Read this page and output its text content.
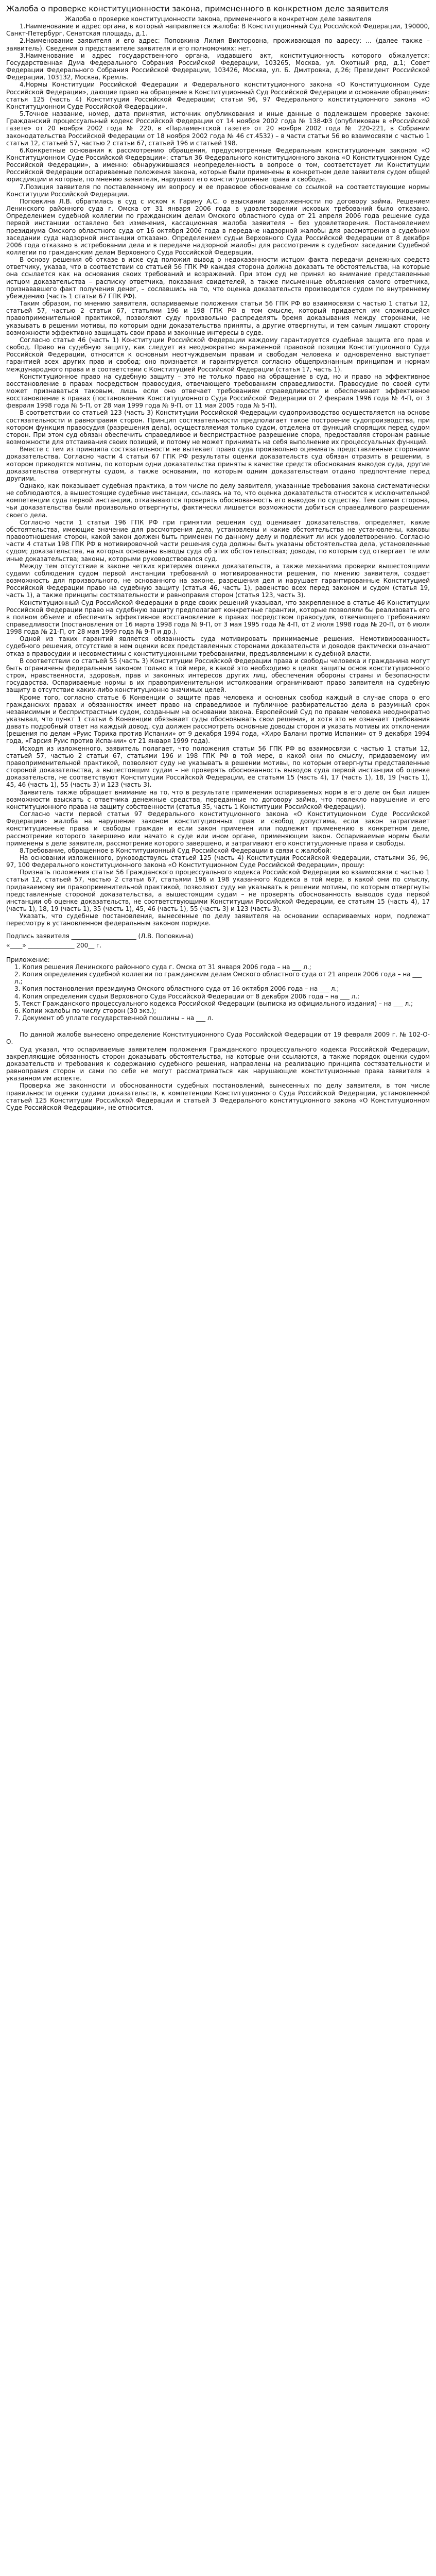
Жалоба о проверке конституционности закона, примененного в конкретном деле заявителя
Жалоба о проверке конституционности закона, примененного в конкретном деле заявителя
1.Наименование и адрес органа, в который направляется жалоба: В Конституционный Суд Российской Федерации, 190000, Санкт-Петербург, Сенатская площадь, д.1.
2.Наименование заявителя и его адрес: Поповкина Лилия Викторовна, проживающая по адресу: ... (далее также – заявитель). Сведения о представителе заявителя и его полномочиях: нет.
3.Наименование и адрес государственного органа, издавшего акт, конституционность которого обжалуется: Государственная Дума Федерального Собрания Российской Федерации, 103265, Москва, ул. Охотный ряд, д.1; Совет Федерации Федерального Собрания Российской Федерации, 103426, Москва, ул. Б. Дмитровка, д.26; Президент Российской Федерации, 103132, Москва, Кремль.
4.Нормы Конституции Российской Федерации и Федерального конституционного закона «О Конституционном Суде Российской Федерации», дающие право на обращение в Конституционный Суд Российской Федерации и основание обращения: статья 125 (часть 4) Конституции Российской Федерации; статьи 96, 97 Федерального конституционного закона «О Конституционном Суде Российской Федерации».
5.Точное название, номер, дата принятия, источник опубликования и иные данные о подлежащем проверке законе: Гражданский процессуальный кодекс Российской Федерации от 14 ноября 2002 года № 138-ФЗ (опубликован в «Российской газете» от 20 ноября 2002 года № 220, в «Парламентской газете» от 20 ноября 2002 года № 220-221, в Собрании законодательства Российской Федерации от 18 ноября 2002 года № 46 ст.4532) – в части статьи 56 во взаимосвязи с частью 1 статьи 12, статьей 57, частью 2 статьи 67, статьей 196 и статьей 198.
6.Конкретные основания к рассмотрению обращения, предусмотренные Федеральным конституционным законом «О Конституционном Суде Российской Федерации»: статья 36 Федерального конституционного закона «О Конституционном Суде Российской Федерации», а именно: обнаружившаяся неопределенность в вопросе о том, соответствует ли Конституции Российской Федерации оспариваемые положения закона, которые были применены в конкретном деле заявителя судом общей юрисдикции и которые, по мнению заявителя, нарушают его конституционные права и свободы.
7.Позиция заявителя по поставленному им вопросу и ее правовое обоснование со ссылкой на соответствующие нормы Конституции Российской Федерации.
Поповкина Л.В. обратилась в суд с иском к Гарину А.С. о взыскании задолженности по договору займа. Решением Ленинского районного суда г. Омска от 31 января 2006 года в удовлетворении исковых требований было отказано. Определением судебной коллегии по гражданским делам Омского областного суда от 21 апреля 2006 года решение суда первой инстанции оставлено без изменения, кассационная жалоба заявителя – без удовлетворения. Постановлением президиума Омского областного суда от 16 октября 2006 года в передаче надзорной жалобы для рассмотрения в судебном заседании суда надзорной инстанции отказано. Определением судьи Верховного Суда Российской Федерации от 8 декабря 2006 года отказано в истребовании дела и в передаче надзорной жалобы для рассмотрения в судебном заседании Судебной коллегии по гражданским делам Верховного Суда Российской Федерации.
В основу решения об отказе в иске суд положил вывод о недоказанности истцом факта передачи денежных средств ответчику, указав, что в соответствии со статьей 56 ГПК РФ каждая сторона должна доказать те обстоятельства, на которые она ссылается как на основания своих требований и возражений. При этом суд не принял во внимание представленные истцом доказательства – расписку ответчика, показания свидетелей, а также письменные объяснения самого ответчика, признававшего факт получения денег, – сославшись на то, что оценка доказательств производится судом по внутреннему убеждению (часть 1 статьи 67 ГПК РФ).
Таким образом, по мнению заявителя, оспариваемые положения статьи 56 ГПК РФ во взаимосвязи с частью 1 статьи 12, статьей 57, частью 2 статьи 67, статьями 196 и 198 ГПК РФ в том смысле, который придается им сложившейся правоприменительной практикой, позволяют суду произвольно распределять бремя доказывания между сторонами, не указывать в решении мотивы, по которым одни доказательства приняты, а другие отвергнуты, и тем самым лишают сторону возможности эффективно защищать свои права и законные интересы в суде.
Согласно статье 46 (часть 1) Конституции Российской Федерации каждому гарантируется судебная защита его прав и свобод. Право на судебную защиту, как следует из неоднократно выраженной правовой позиции Конституционного Суда Российской Федерации, относится к основным неотчуждаемым правам и свободам человека и одновременно выступает гарантией всех других прав и свобод; оно признается и гарантируется согласно общепризнанным принципам и нормам международного права и в соответствии с Конституцией Российской Федерации (статья 17, часть 1).
Конституционное право на судебную защиту – это не только право на обращение в суд, но и право на эффективное восстановление в правах посредством правосудия, отвечающего требованиям справедливости. Правосудие по своей сути может признаваться таковым, лишь если оно отвечает требованиям справедливости и обеспечивает эффективное восстановление в правах (постановления Конституционного Суда Российской Федерации от 2 февраля 1996 года № 4-П, от 3 февраля 1998 года № 5-П, от 28 мая 1999 года № 9-П, от 11 мая 2005 года № 5-П).
В соответствии со статьей 123 (часть 3) Конституции Российской Федерации судопроизводство осуществляется на основе состязательности и равноправия сторон. Принцип состязательности предполагает такое построение судопроизводства, при котором функция правосудия (разрешения дела), осуществляемая только судом, отделена от функций спорящих перед судом сторон. При этом суд обязан обеспечить справедливое и беспристрастное разрешение спора, предоставляя сторонам равные возможности для отстаивания своих позиций, и потому не может принимать на себя выполнение их процессуальных функций.
Вместе с тем из принципа состязательности не вытекает право суда произвольно оценивать представленные сторонами доказательства. Согласно части 4 статьи 67 ГПК РФ результаты оценки доказательств суд обязан отразить в решении, в котором приводятся мотивы, по которым одни доказательства приняты в качестве средств обоснования выводов суда, другие доказательства отвергнуты судом, а также основания, по которым одним доказательствам отдано предпочтение перед другими.
Однако, как показывает судебная практика, в том числе по делу заявителя, указанные требования закона систематически не соблюдаются, а вышестоящие судебные инстанции, ссылаясь на то, что оценка доказательств относится к исключительной компетенции суда первой инстанции, отказываются проверять обоснованность его выводов по существу. Тем самым сторона, чьи доказательства были произвольно отвергнуты, фактически лишается возможности добиться справедливого разрешения своего дела.
Согласно части 1 статьи 196 ГПК РФ при принятии решения суд оценивает доказательства, определяет, какие обстоятельства, имеющие значение для рассмотрения дела, установлены и какие обстоятельства не установлены, каковы правоотношения сторон, какой закон должен быть применен по данному делу и подлежит ли иск удовлетворению. Согласно части 4 статьи 198 ГПК РФ в мотивировочной части решения суда должны быть указаны обстоятельства дела, установленные судом; доказательства, на которых основаны выводы суда об этих обстоятельствах; доводы, по которым суд отвергает те или иные доказательства; законы, которыми руководствовался суд.
Между тем отсутствие в законе четких критериев оценки доказательств, а также механизма проверки вышестоящими судами соблюдения судом первой инстанции требований о мотивированности решения, по мнению заявителя, создает возможность для произвольного, не основанного на законе, разрешения дел и нарушает гарантированные Конституцией Российской Федерации право на судебную защиту (статья 46, часть 1), равенство всех перед законом и судом (статья 19, часть 1), а также принципы состязательности и равноправия сторон (статья 123, часть 3).
Конституционный Суд Российской Федерации в ряде своих решений указывал, что закрепленное в статье 46 Конституции Российской Федерации право на судебную защиту предполагает конкретные гарантии, которые позволяли бы реализовать его в полном объеме и обеспечить эффективное восстановление в правах посредством правосудия, отвечающего требованиям справедливости (постановления от 16 марта 1998 года № 9-П, от 3 мая 1995 года № 4-П, от 2 июля 1998 года № 20-П, от 6 июля 1998 года № 21-П, от 28 мая 1999 года № 9-П и др.).
Одной из таких гарантий является обязанность суда мотивировать принимаемые решения. Немотивированность судебного решения, отсутствие в нем оценки всех представленных сторонами доказательств и доводов фактически означают отказ в правосудии и несовместимы с конституционными требованиями, предъявляемыми к судебной власти.
В соответствии со статьей 55 (часть 3) Конституции Российской Федерации права и свободы человека и гражданина могут быть ограничены федеральным законом только в той мере, в какой это необходимо в целях защиты основ конституционного строя, нравственности, здоровья, прав и законных интересов других лиц, обеспечения обороны страны и безопасности государства. Оспариваемые нормы в их правоприменительном истолковании ограничивают право заявителя на судебную защиту в отсутствие каких-либо конституционно значимых целей.
Кроме того, согласно статье 6 Конвенции о защите прав человека и основных свобод каждый в случае спора о его гражданских правах и обязанностях имеет право на справедливое и публичное разбирательство дела в разумный срок независимым и беспристрастным судом, созданным на основании закона. Европейский Суд по правам человека неоднократно указывал, что пункт 1 статьи 6 Конвенции обязывает суды обосновывать свои решения, и хотя это не означает требования давать подробный ответ на каждый довод, суд должен рассмотреть основные доводы сторон и указать мотивы их отклонения (решения по делам «Руис Ториха против Испании» от 9 декабря 1994 года, «Хиро Балани против Испании» от 9 декабря 1994 года, «Гарсия Руис против Испании» от 21 января 1999 года).
Исходя из изложенного, заявитель полагает, что положения статьи 56 ГПК РФ во взаимосвязи с частью 1 статьи 12, статьей 57, частью 2 статьи 67, статьями 196 и 198 ГПК РФ в той мере, в какой они по смыслу, придаваемому им правоприменительной практикой, позволяют суду не указывать в решении мотивы, по которым отвергнуты представленные стороной доказательства, а вышестоящим судам – не проверять обоснованность выводов суда первой инстанции об оценке доказательств, не соответствуют Конституции Российской Федерации, ее статьям 15 (часть 4), 17 (часть 1), 18, 19 (часть 1), 45, 46 (часть 1), 55 (часть 3) и 123 (часть 3).
Заявитель также обращает внимание на то, что в результате применения оспариваемых норм в его деле он был лишен возможности взыскать с ответчика денежные средства, переданные по договору займа, что повлекло нарушение и его конституционного права на защиту собственности (статья 35, часть 1 Конституции Российской Федерации).
Согласно части первой статьи 97 Федерального конституционного закона «О Конституционном Суде Российской Федерации» жалоба на нарушение законом конституционных прав и свобод допустима, если закон затрагивает конституционные права и свободы граждан и если закон применен или подлежит применению в конкретном деле, рассмотрение которого завершено или начато в суде или ином органе, применяющем закон. Оспариваемые нормы были применены в деле заявителя, рассмотрение которого завершено, и затрагивают его конституционные права и свободы.
8.Требование, обращенное в Конституционный Суд Российской Федерации в связи с жалобой:
На основании изложенного, руководствуясь статьей 125 (часть 4) Конституции Российской Федерации, статьями 36, 96, 97, 100 Федерального конституционного закона «О Конституционном Суде Российской Федерации», прошу:
Признать положения статьи 56 Гражданского процессуального кодекса Российской Федерации во взаимосвязи с частью 1 статьи 12, статьей 57, частью 2 статьи 67, статьями 196 и 198 указанного Кодекса в той мере, в какой они по смыслу, придаваемому им правоприменительной практикой, позволяют суду не указывать в решении мотивы, по которым отвергнуты представленные стороной доказательства, а вышестоящим судам – не проверять обоснованность выводов суда первой инстанции об оценке доказательств, не соответствующими Конституции Российской Федерации, ее статьям 15 (часть 4), 17 (часть 1), 18, 19 (часть 1), 35 (часть 1), 45, 46 (часть 1), 55 (часть 3) и 123 (часть 3).
Указать, что судебные постановления, вынесенные по делу заявителя на основании оспариваемых норм, подлежат пересмотру в установленном федеральным законом порядке.
Подпись заявителя _____________________ (Л.В. Поповкина)
«____» _______________ 200__ г.
Приложение:
1. Копия решения Ленинского районного суда г. Омска от 31 января 2006 года – на ___ л.;
2. Копия определения судебной коллегии по гражданским делам Омского областного суда от 21 апреля 2006 года – на ___ л.;
3. Копия постановления президиума Омского областного суда от 16 октября 2006 года – на ___ л.;
4. Копия определения судьи Верховного Суда Российской Федерации от 8 декабря 2006 года – на ___ л.;
5. Текст Гражданского процессуального кодекса Российской Федерации (выписка из официального издания) – на ___ л.;
6. Копии жалобы по числу сторон (30 экз.);
7. Документ об уплате государственной пошлины – на ___ л.
По данной жалобе вынесено определение Конституционного Суда Российской Федерации от 19 февраля 2009 г. № 102-О-О.
Суд указал, что оспариваемые заявителем положения Гражданского процессуального кодекса Российской Федерации, закрепляющие обязанность сторон доказывать обстоятельства, на которые они ссылаются, а также порядок оценки судом доказательств и требования к содержанию судебного решения, направлены на реализацию принципа состязательности и равноправия сторон и сами по себе не могут рассматриваться как нарушающие конституционные права заявителя в указанном им аспекте.
Проверка же законности и обоснованности судебных постановлений, вынесенных по делу заявителя, в том числе правильности оценки судами доказательств, к компетенции Конституционного Суда Российской Федерации, установленной статьей 125 Конституции Российской Федерации и статьей 3 Федерального конституционного закона «О Конституционном Суде Российской Федерации», не относится.
